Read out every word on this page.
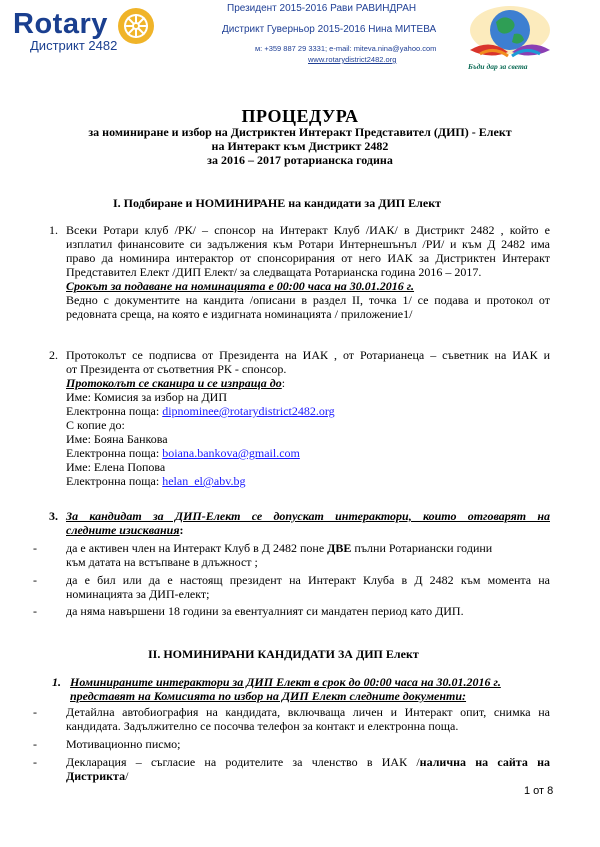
Rotary
Дистрикт 2482
Президент 2015-2016 Рави РАВИНДРАН
Дистрикт Гуверньор 2015-2016 Нина МИТЕВА
м: +359 887 29 3331; e-mail: miteva.nina@yahoo.com
www.rotarydistrict2482.org
Бъди дар за света
ПРОЦЕДУРА
за номиниране и избор на Дистриктен Интеракт Представител (ДИП) - Елект
на Интеракт към Дистрикт 2482
за 2016 – 2017 ротарианска година
I. Подбиране и НОМИНИРАНЕ на кандидати за ДИП Елект
1. Всеки Ротари клуб /РК/ – спонсор на Интеракт Клуб /ИАК/ в Дистрикт 2482 , който е
изплатил финансовите си задължения към Ротари Интернешънъл /РИ/ и към Д 2482 има
право да номинира интерактор от спонсорирания от него ИАК за Дистриктен Интеракт
Представител Елект /ДИП Елект/ за следващата Ротарианска година 2016 – 2017.
Срокът за подаване на номинацията е 00:00 часа на 30.01.2016 г.
Ведно с документите на кандита /описани в раздел II, точка 1/ се подава и протокол от
редовната среща, на която е издигната номинацията / приложение1/
2. Протоколът се подписва от Президента на ИАК , от Ротарианеца – съветник на ИАК и
от Президента от съответния РК - спонсор.
Протоколът се сканира и се изпраща до:
Име: Комисия за избор на ДИП
Електронна поща: dipnominee@rotarydistrict2482.org
С копие до:
Име: Бояна Банкова
Електронна поща: boiana.bankova@gmail.com
Име: Елена Попова
Електронна поща: helan_el@abv.bg
3. За кандидат за ДИП-Елект се допускат интерактори, които отговарят на
следните изисквания:
- да е активен член на Интеракт Клуб в Д 2482 поне ДВЕ пълни Ротариански години
към датата на встъпване в длъжност ;
- да е бил или да е настоящ президент на Интеракт Клуба в Д 2482 към момента на
номинацията за ДИП-елект;
- да няма навършени 18 години за евентуалният си мандатен период като ДИП.
II. НОМИНИРАНИ КАНДИДАТИ ЗА ДИП Елект
1. Номинираните интерактори за ДИП Елект в срок до 00:00 часа на 30.01.2016 г.
представят на Комисията по избор на ДИП Елект следните документи:
- Детайлна автобиография на кандидата, включваща личен и Интеракт опит, снимка на
кандидата. Задължително се посочва телефон за контакт и електронна поща.
- Мотивационно писмо;
- Декларация – съгласие на родителите за членство в ИАК /налична на сайта на
Дистрикта/
1 от 8
